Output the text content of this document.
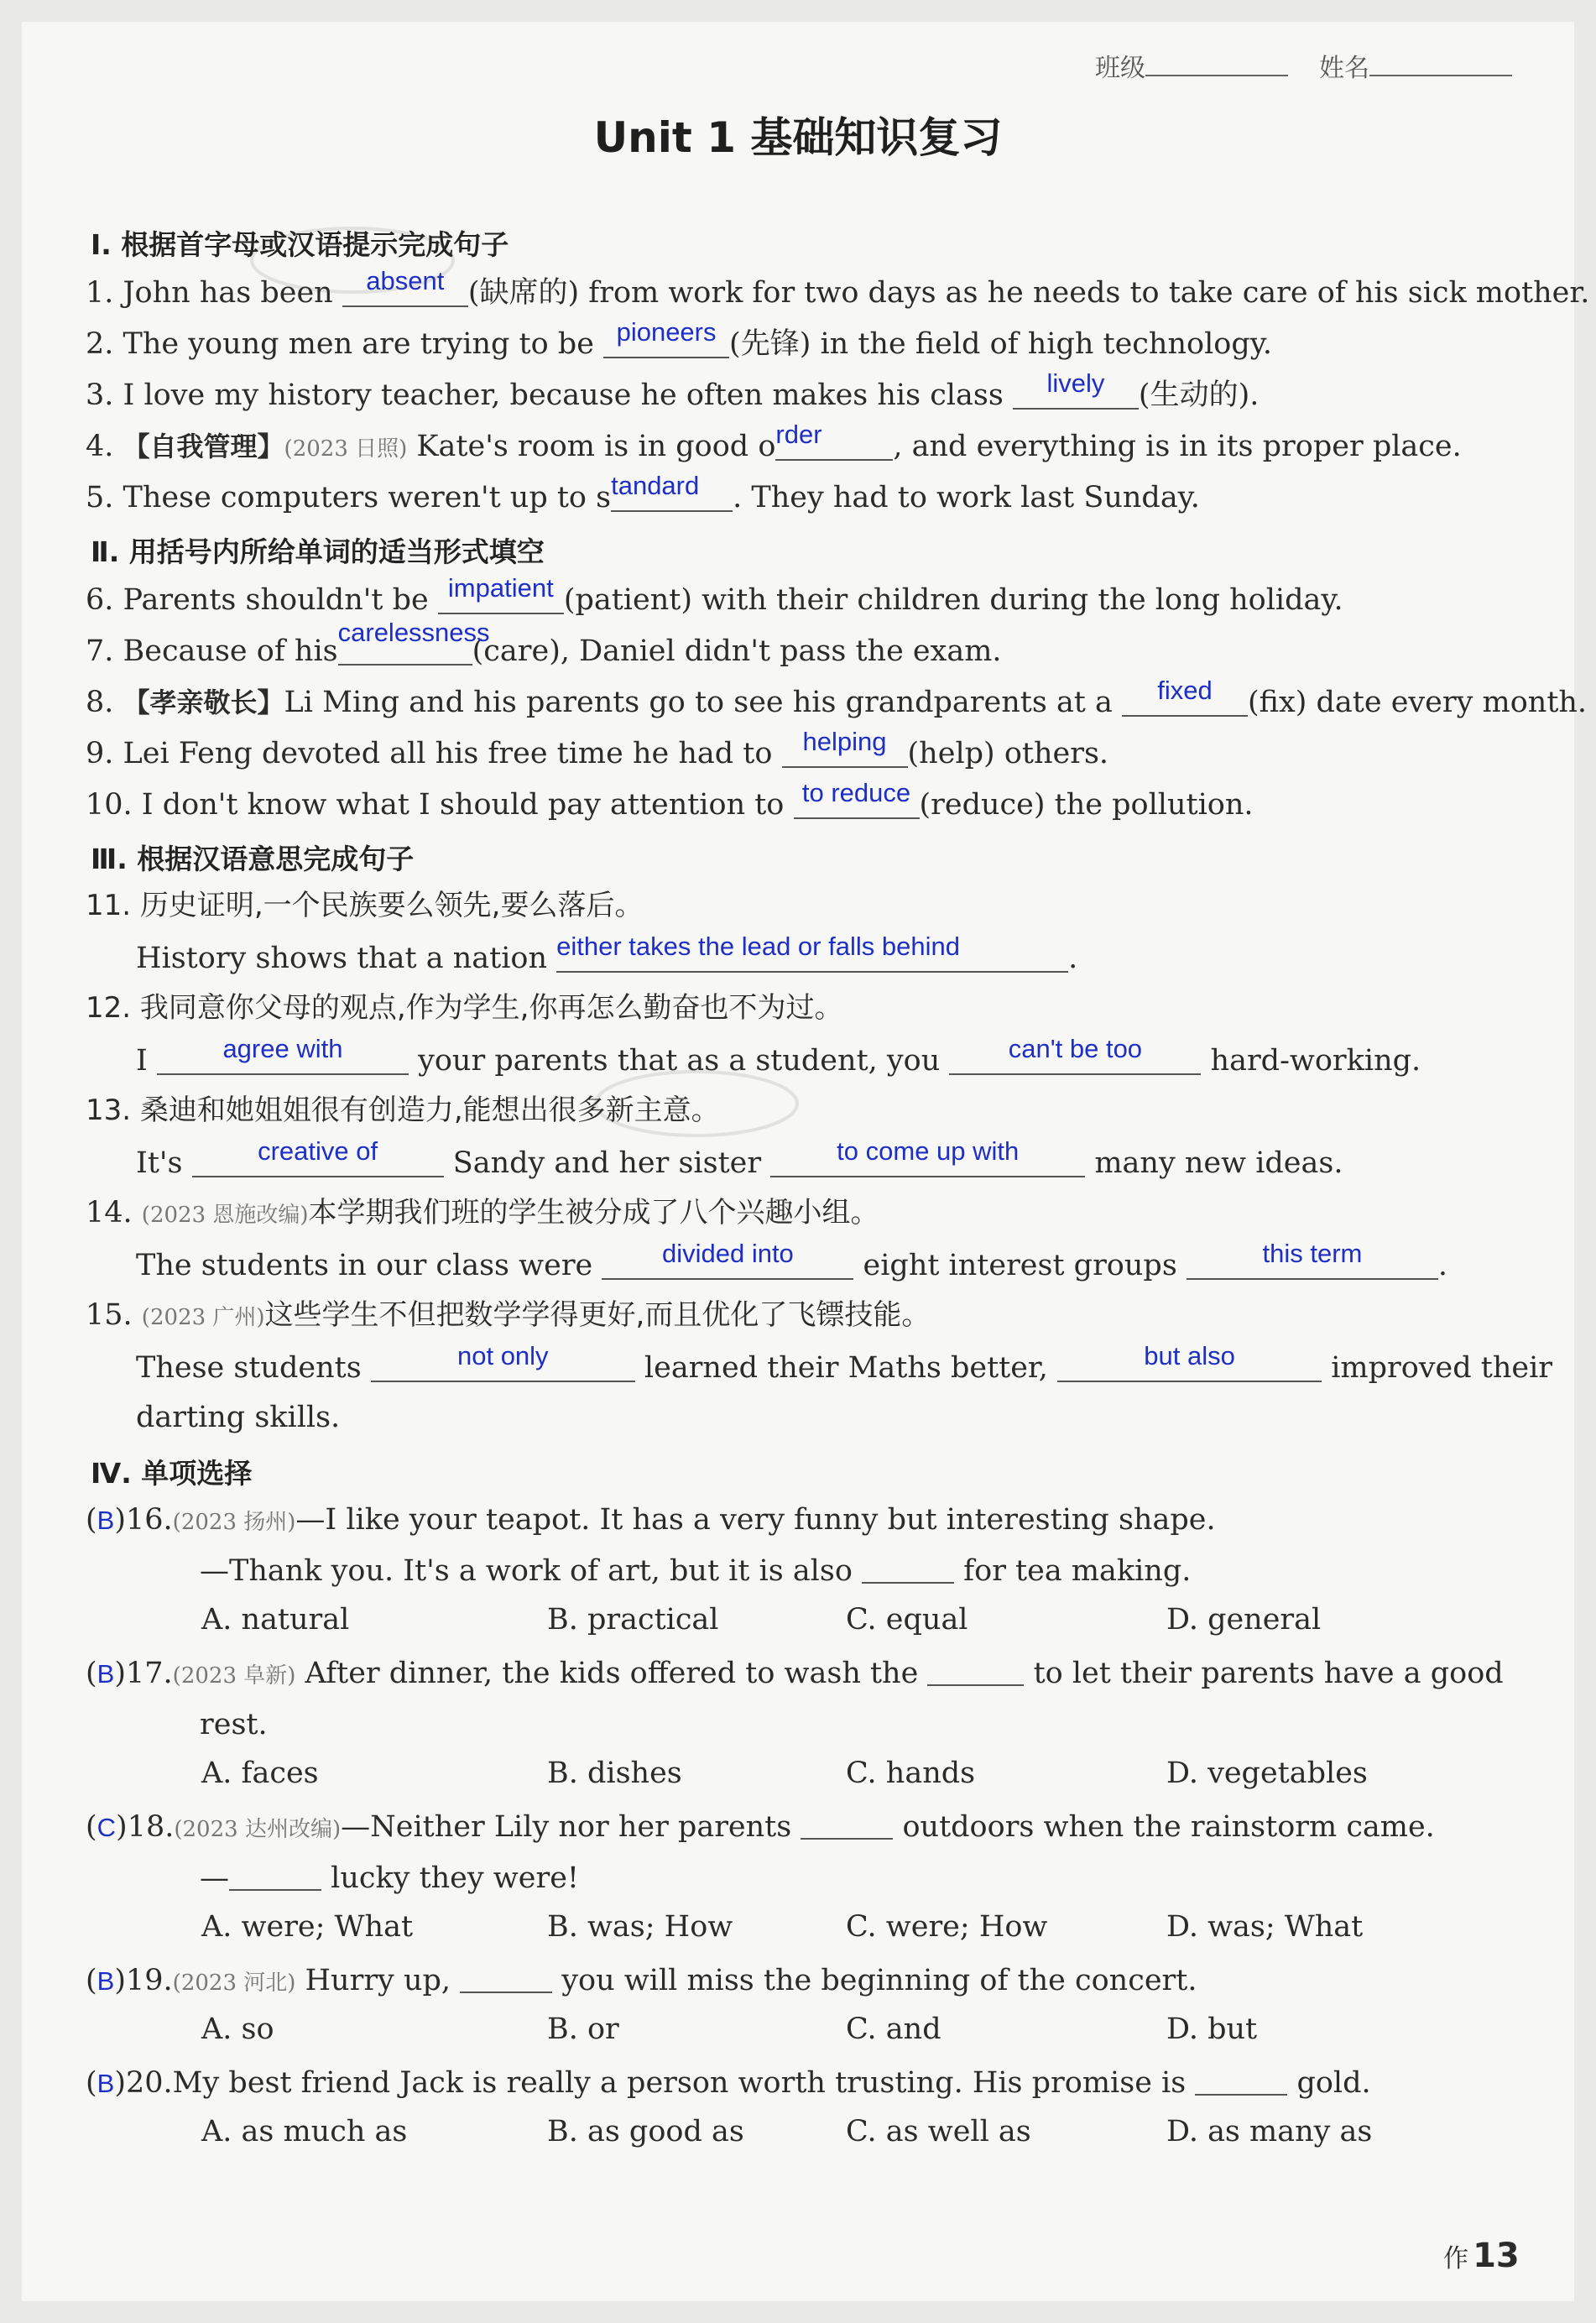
班级	姓名
Unit 1 基础知识复习
Ⅰ. 根据首字母或汉语提示完成句子
1. John has been absent (缺席的) from work for two days as he needs to take care of his sick mother.
2. The young men are trying to be pioneers (先锋) in the field of high technology.
3. I love my history teacher, because he often makes his class	lively	(生动的).
4. 【自我管理】(2023 日照) Kate's room is in good o rder	, and everything is in its proper place.
5. These computers weren't up to s tandard	. They had to work last Sunday.
Ⅱ. 用括号内所给单词的适当形式填空
6. Parents shouldn't be impatient (patient) with their children during the long holiday.
7. Because of his
carelessness
(care), Daniel didn't pass the exam.
8. 【孝亲敬长】Li Ming and his parents go to see his grandparents at a	fixed	(fix) date every month.
9. Lei Feng devoted all his free time he had to helping (help) others.
10. I don't know what I should pay attention to to reduce (reduce) the pollution.
Ⅲ. 根据汉语意思完成句子
11. 历史证明,一个民族要么领先,要么落后。
History shows that a nation either takes the lead or falls behind	.
12. 我同意你父母的观点,作为学生,你再怎么勤奋也不为过。
I	agree with	your parents that as a student, you	can't be too	hard-working.
13. 桑迪和她姐姐很有创造力,能想出很多新主意。
It's	creative of	Sandy and her sister	to come up with	many new ideas.
14. (2023 恩施改编)本学期我们班的学生被分成了八个兴趣小组。
The students in our class were	divided into	eight interest groups	this term	.
15. (2023 广州)这些学生不但把数学学得更好,而且优化了飞镖技能。
These students	not only	learned their Maths better,	but also	improved their
darting skills.
Ⅳ. 单项选择
(B)16.(2023 扬州)—I like your teapot. It has a very funny but interesting shape.
—Thank you. It's a work of art, but it is also	for tea making.
A. natural	B. practical	C. equal	D. general
(B)17.(2023 阜新) After dinner, the kids offered to wash the	to let their parents have a good
rest.
A. faces	B. dishes	C. hands	D. vegetables
(C)18.(2023 达州改编)—Neither Lily nor her parents	outdoors when the rainstorm came.
—	lucky they were!
A. were; What	B. was; How	C. were; How	D. was; What
(B)19.(2023 河北) Hurry up,	you will miss the beginning of the concert.
A. so	B. or	C. and	D. but
(B)20.My best friend Jack is really a person worth trusting. His promise is	gold.
A. as much as	B. as good as	C. as well as	D. as many as
作 13
